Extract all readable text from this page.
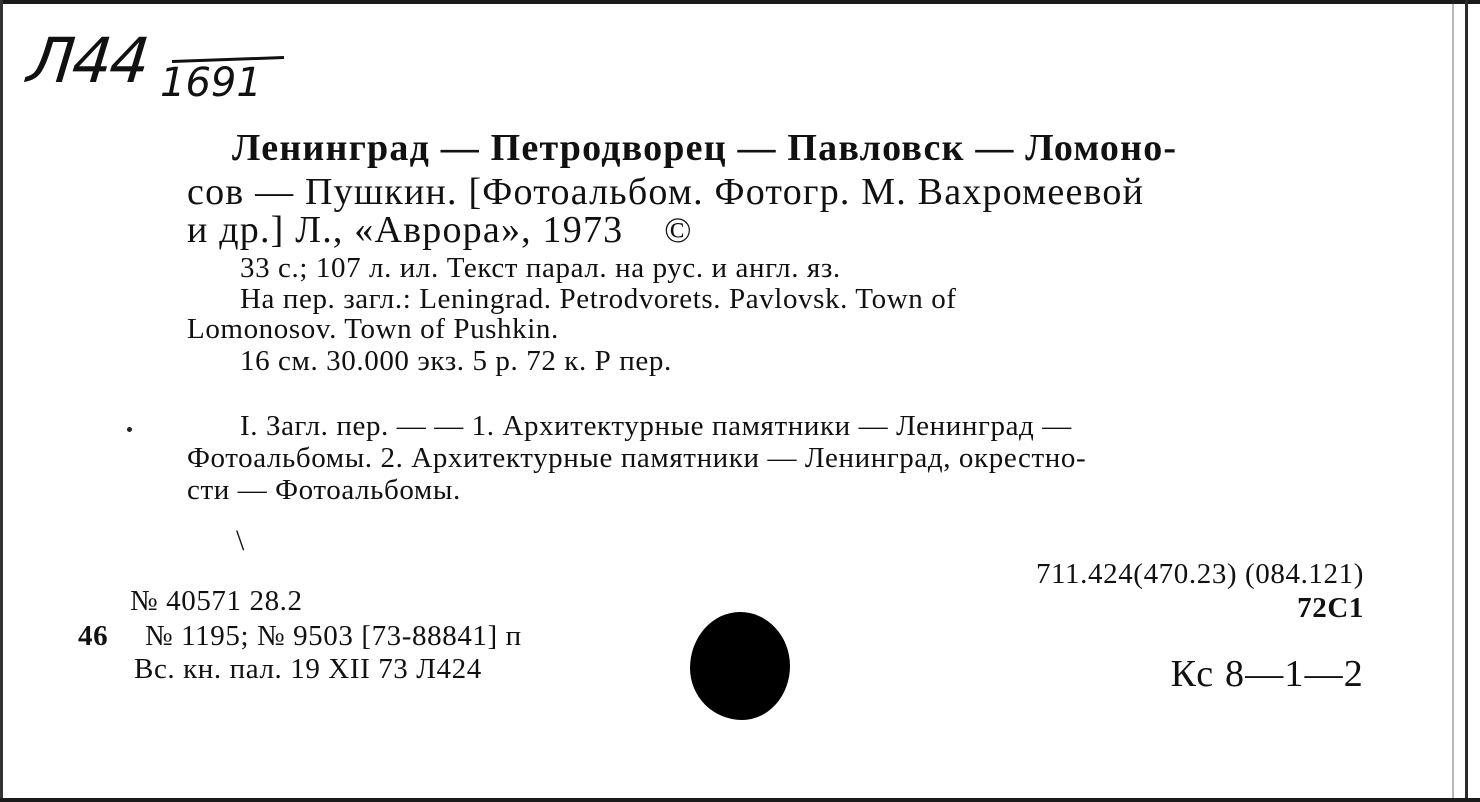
Л44 1691
Ленинград — Петродворец — Павловск — Ломоно-
сов — Пушкин. [Фотоальбом. Фотогр. М. Вахромеевой
и др.] Л., «Аврора», 1973 ©
33 с.; 107 л. ил. Текст парал. на рус. и англ. яз.
На пер. загл.: Leningrad. Petrodvorets. Pavlovsk. Town of
Lomonosov. Town of Pushkin.
16 см. 30.000 экз. 5 р. 72 к. Р пер.
I. Загл. пер. — — 1. Архитектурные памятники — Ленинград —
Фотоальбомы. 2. Архитектурные памятники — Ленинград, окрестно-
сти — Фотоальбомы.
\
711.424(470.23) (084.121)
72С1
Кс 8—1—2
№ 40571 28.2
46 № 1195; № 9503 [73-88841] п
Вс. кн. пал. 19 XII 73 Л424
